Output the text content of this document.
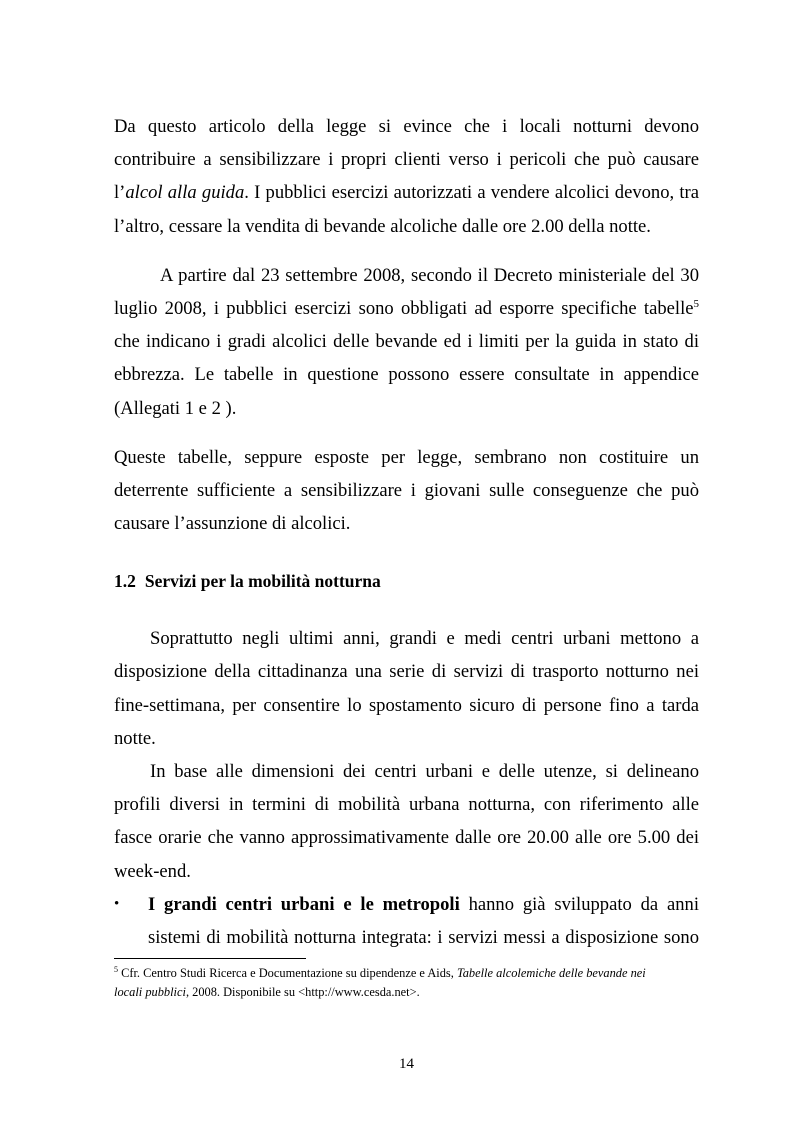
Da questo articolo della legge si evince che i locali notturni devono
contribuire a sensibilizzare i propri clienti verso i pericoli che può causare
l’alcol alla guida. I pubblici esercizi autorizzati a vendere alcolici devono, tra
l’altro, cessare la vendita di bevande alcoliche dalle ore 2.00 della notte.
A partire dal 23 settembre 2008, secondo il Decreto ministeriale del 30
luglio 2008, i pubblici esercizi sono obbligati ad esporre specifiche tabelle$^5$
che indicano i gradi alcolici delle bevande ed i limiti per la guida in stato di
ebbrezza. Le tabelle in questione possono essere consultate in appendice
(Allegati 1 e 2 ).
Queste tabelle, seppure esposte per legge, sembrano non costituire un
deterrente sufficiente a sensibilizzare i giovani sulle conseguenze che può
causare l’assunzione di alcolici.
1.2 Servizi per la mobilità notturna
Soprattutto negli ultimi anni, grandi e medi centri urbani mettono a
disposizione della cittadinanza una serie di servizi di trasporto notturno nei
fine-settimana, per consentire lo spostamento sicuro di persone fino a tarda
notte.
In base alle dimensioni dei centri urbani e delle utenze, si delineano
profili diversi in termini di mobilità urbana notturna, con riferimento alle
fasce orarie che vanno approssimativamente dalle ore 20.00 alle ore 5.00 dei
week-end.
• I grandi centri urbani e le metropoli hanno già sviluppato da anni
sistemi di mobilità notturna integrata: i servizi messi a disposizione sono
$^5$ Cfr. Centro Studi Ricerca e Documentazione su dipendenze e Aids, Tabelle alcolemiche delle bevande nei
locali pubblici, 2008. Disponibile su <http://www.cesda.net>.
14
